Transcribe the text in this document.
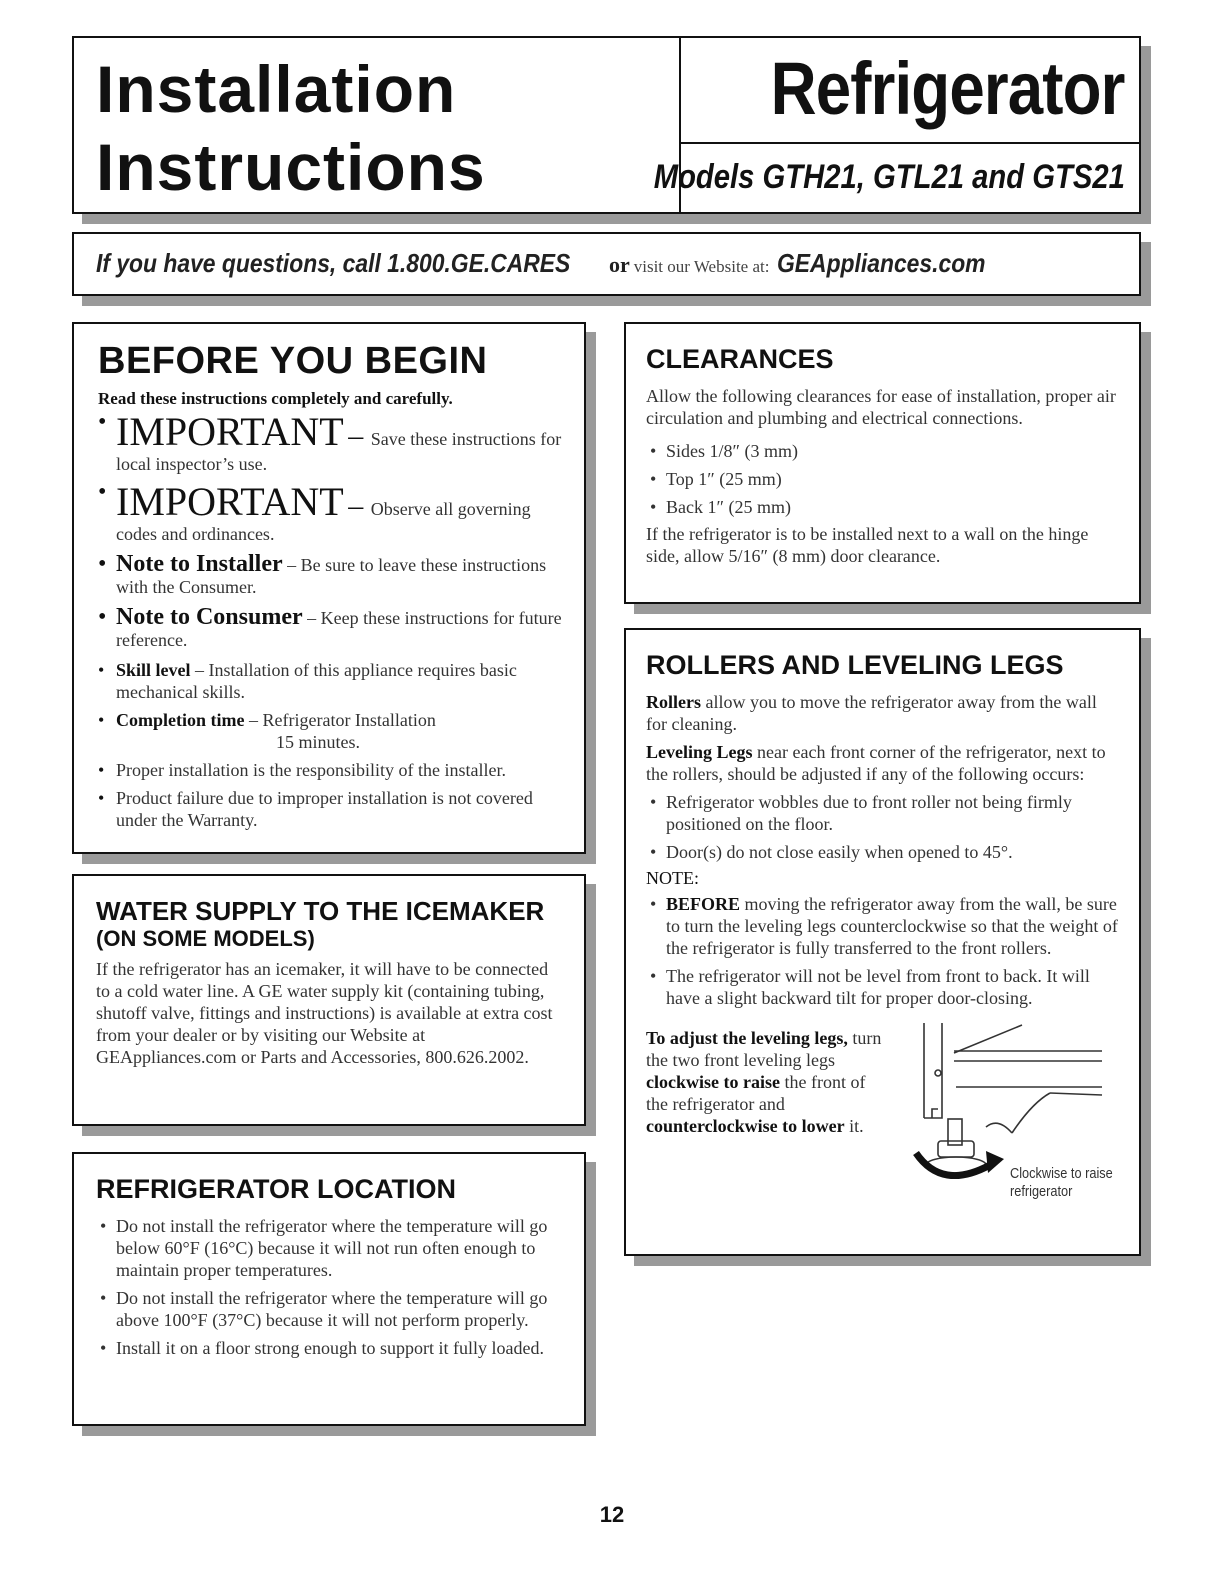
Installation
Instructions
Refrigerator
Models GTH21, GTL21 and GTS21
If you have questions, call 1.800.GE.CARES or visit our Website at: GEAppliances.com
BEFORE YOU BEGIN
Read these instructions completely and carefully.
• IMPORTANT – Save these instructions for local inspector’s use.
• IMPORTANT – Observe all governing codes and ordinances.
• Note to Installer – Be sure to leave these instructions with the Consumer.
• Note to Consumer – Keep these instructions for future reference.
• Skill level – Installation of this appliance requires basic mechanical skills.
• Completion time – Refrigerator Installation
15 minutes.
• Proper installation is the responsibility of the installer.
• Product failure due to improper installation is not covered under the Warranty.
WATER SUPPLY TO THE ICEMAKER
(ON SOME MODELS)
If the refrigerator has an icemaker, it will have to be connected to a cold water line. A GE water supply kit (containing tubing, shutoff valve, fittings and instructions) is available at extra cost from your dealer or by visiting our Website at GEAppliances.com or Parts and Accessories, 800.626.2002.
REFRIGERATOR LOCATION
• Do not install the refrigerator where the temperature will go below 60°F (16°C) because it will not run often enough to maintain proper temperatures.
• Do not install the refrigerator where the temperature will go above 100°F (37°C) because it will not perform properly.
• Install it on a floor strong enough to support it fully loaded.
CLEARANCES
Allow the following clearances for ease of installation, proper air circulation and plumbing and electrical connections.
• Sides 1/8″ (3 mm)
• Top 1″ (25 mm)
• Back 1″ (25 mm)
If the refrigerator is to be installed next to a wall on the hinge side, allow 5/16″ (8 mm) door clearance.
ROLLERS AND LEVELING LEGS
Rollers allow you to move the refrigerator away from the wall for cleaning.
Leveling Legs near each front corner of the refrigerator, next to the rollers, should be adjusted if any of the following occurs:
• Refrigerator wobbles due to front roller not being firmly positioned on the floor.
• Door(s) do not close easily when opened to 45°.
NOTE:
• BEFORE moving the refrigerator away from the wall, be sure to turn the leveling legs counterclockwise so that the weight of the refrigerator is fully transferred to the front rollers.
• The refrigerator will not be level from front to back. It will have a slight backward tilt for proper door-closing.
To adjust the leveling legs, turn the two front leveling legs clockwise to raise the front of the refrigerator and counterclockwise to lower it.
Clockwise to raise
refrigerator
12
